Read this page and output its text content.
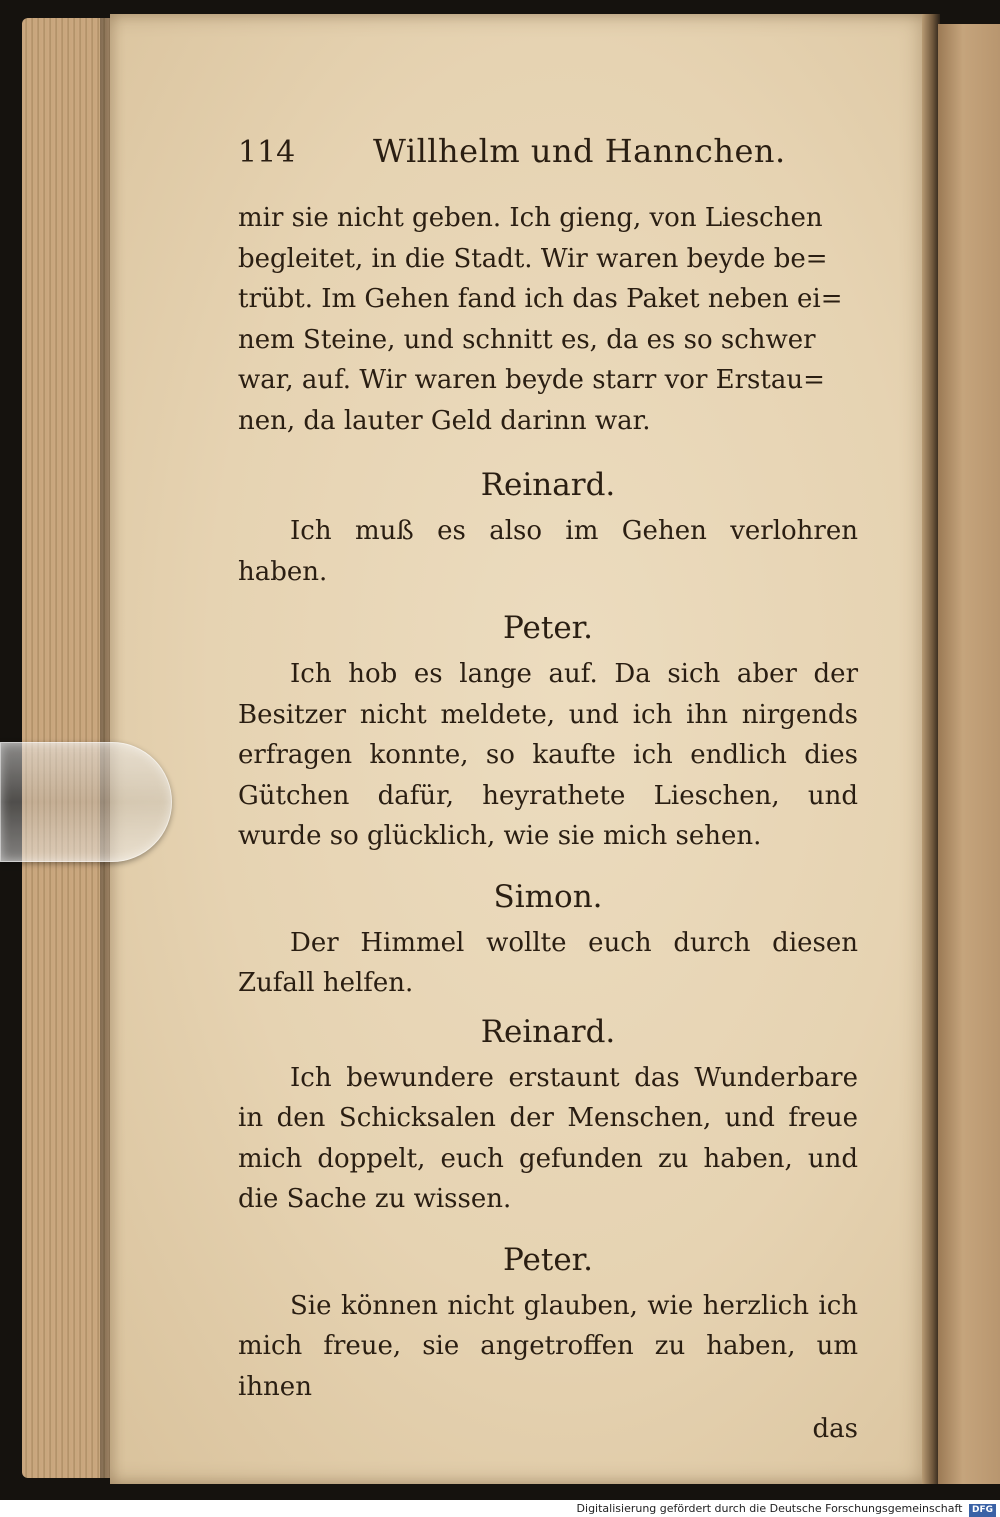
114	Willhelm und Hannchen.

mir sie nicht geben. Ich gieng, von Lieschen

begleitet, in die Stadt. Wir waren beyde be=

trübt. Im Gehen fand ich das Paket neben ei=

nem Steine, und schnitt es, da es so schwer

war, auf. Wir waren beyde starr vor Erstau=

nen, da lauter Geld darinn war.

Reinard.

Ich muß es also im Gehen verlohren haben.

Peter.

Ich hob es lange auf. Da sich aber der Besitzer nicht meldete, und ich ihn nirgends erfragen konnte, so kaufte ich endlich dies Gütchen dafür, heyrathete Lieschen, und wurde so glücklich, wie sie mich sehen.

Simon.

Der Himmel wollte euch durch diesen Zufall helfen.

Reinard.

Ich bewundere erstaunt das Wunderbare in den Schicksalen der Menschen, und freue mich doppelt, euch gefunden zu haben, und die Sache zu wissen.

Peter.

Sie können nicht glauben, wie herzlich ich mich freue, sie angetroffen zu haben, um ihnen

das
Digitalisierung gefördert durch die Deutsche Forschungsgemeinschaft DFG
